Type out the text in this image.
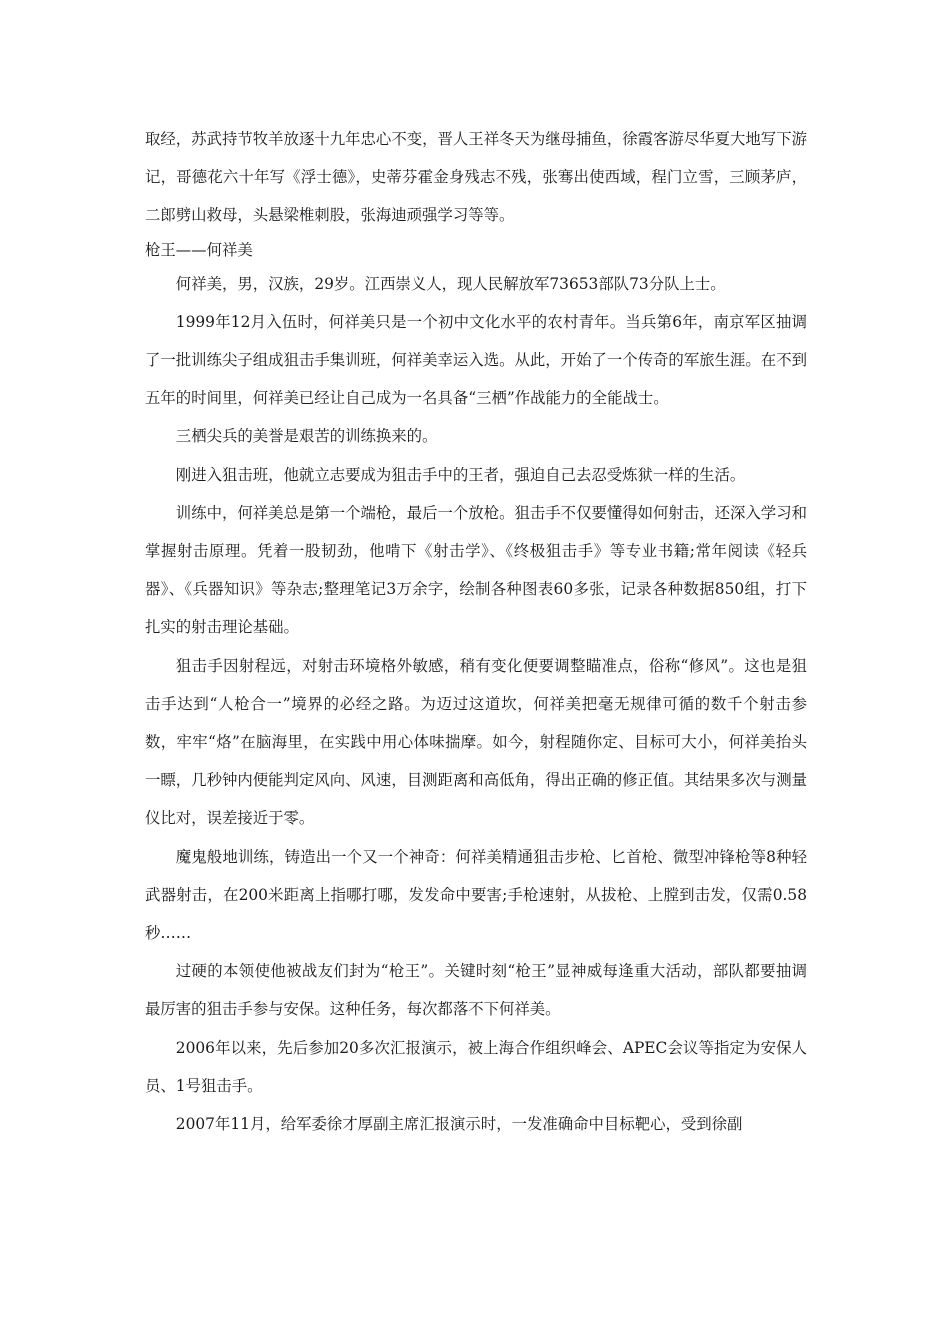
取经，苏武持节牧羊放逐十九年忠心不变，晋人王祥冬天为继母捕鱼，徐霞客游尽华夏大地写下游记，哥德花六十年写《浮士德》，史蒂芬霍金身残志不残，张骞出使西域，程门立雪，三顾茅庐，二郎劈山救母，头悬梁椎刺股，张海迪顽强学习等等。

枪王——何祥美

何祥美，男，汉族，29岁。江西崇义人，现人民解放军73653部队73分队上士。

1999年12月入伍时，何祥美只是一个初中文化水平的农村青年。当兵第6年，南京军区抽调了一批训练尖子组成狙击手集训班，何祥美幸运入选。从此，开始了一个传奇的军旅生涯。在不到五年的时间里，何祥美已经让自己成为一名具备“三栖”作战能力的全能战士。

三栖尖兵的美誉是艰苦的训练换来的。

刚进入狙击班，他就立志要成为狙击手中的王者，强迫自己去忍受炼狱一样的生活。

训练中，何祥美总是第一个端枪，最后一个放枪。狙击手不仅要懂得如何射击，还深入学习和掌握射击原理。凭着一股韧劲，他啃下《射击学》、《终极狙击手》等专业书籍;常年阅读《轻兵器》、《兵器知识》等杂志;整理笔记3万余字，绘制各种图表60多张，记录各种数据850组，打下扎实的射击理论基础。

狙击手因射程远，对射击环境格外敏感，稍有变化便要调整瞄准点，俗称“修风”。这也是狙击手达到“人枪合一”境界的必经之路。为迈过这道坎，何祥美把毫无规律可循的数千个射击参数，牢牢“烙”在脑海里，在实践中用心体味揣摩。如今，射程随你定、目标可大小，何祥美抬头一瞟，几秒钟内便能判定风向、风速，目测距离和高低角，得出正确的修正值。其结果多次与测量仪比对，误差接近于零。

魔鬼般地训练，铸造出一个又一个神奇：何祥美精通狙击步枪、匕首枪、微型冲锋枪等8种轻武器射击，在200米距离上指哪打哪，发发命中要害;手枪速射，从拔枪、上膛到击发，仅需0.58秒……

过硬的本领使他被战友们封为“枪王”。关键时刻“枪王”显神威每逢重大活动，部队都要抽调最厉害的狙击手参与安保。这种任务，每次都落不下何祥美。

2006年以来，先后参加20多次汇报演示，被上海合作组织峰会、APEC会议等指定为安保人员、1号狙击手。

2007年11月，给军委徐才厚副主席汇报演示时，一发准确命中目标靶心，受到徐副
